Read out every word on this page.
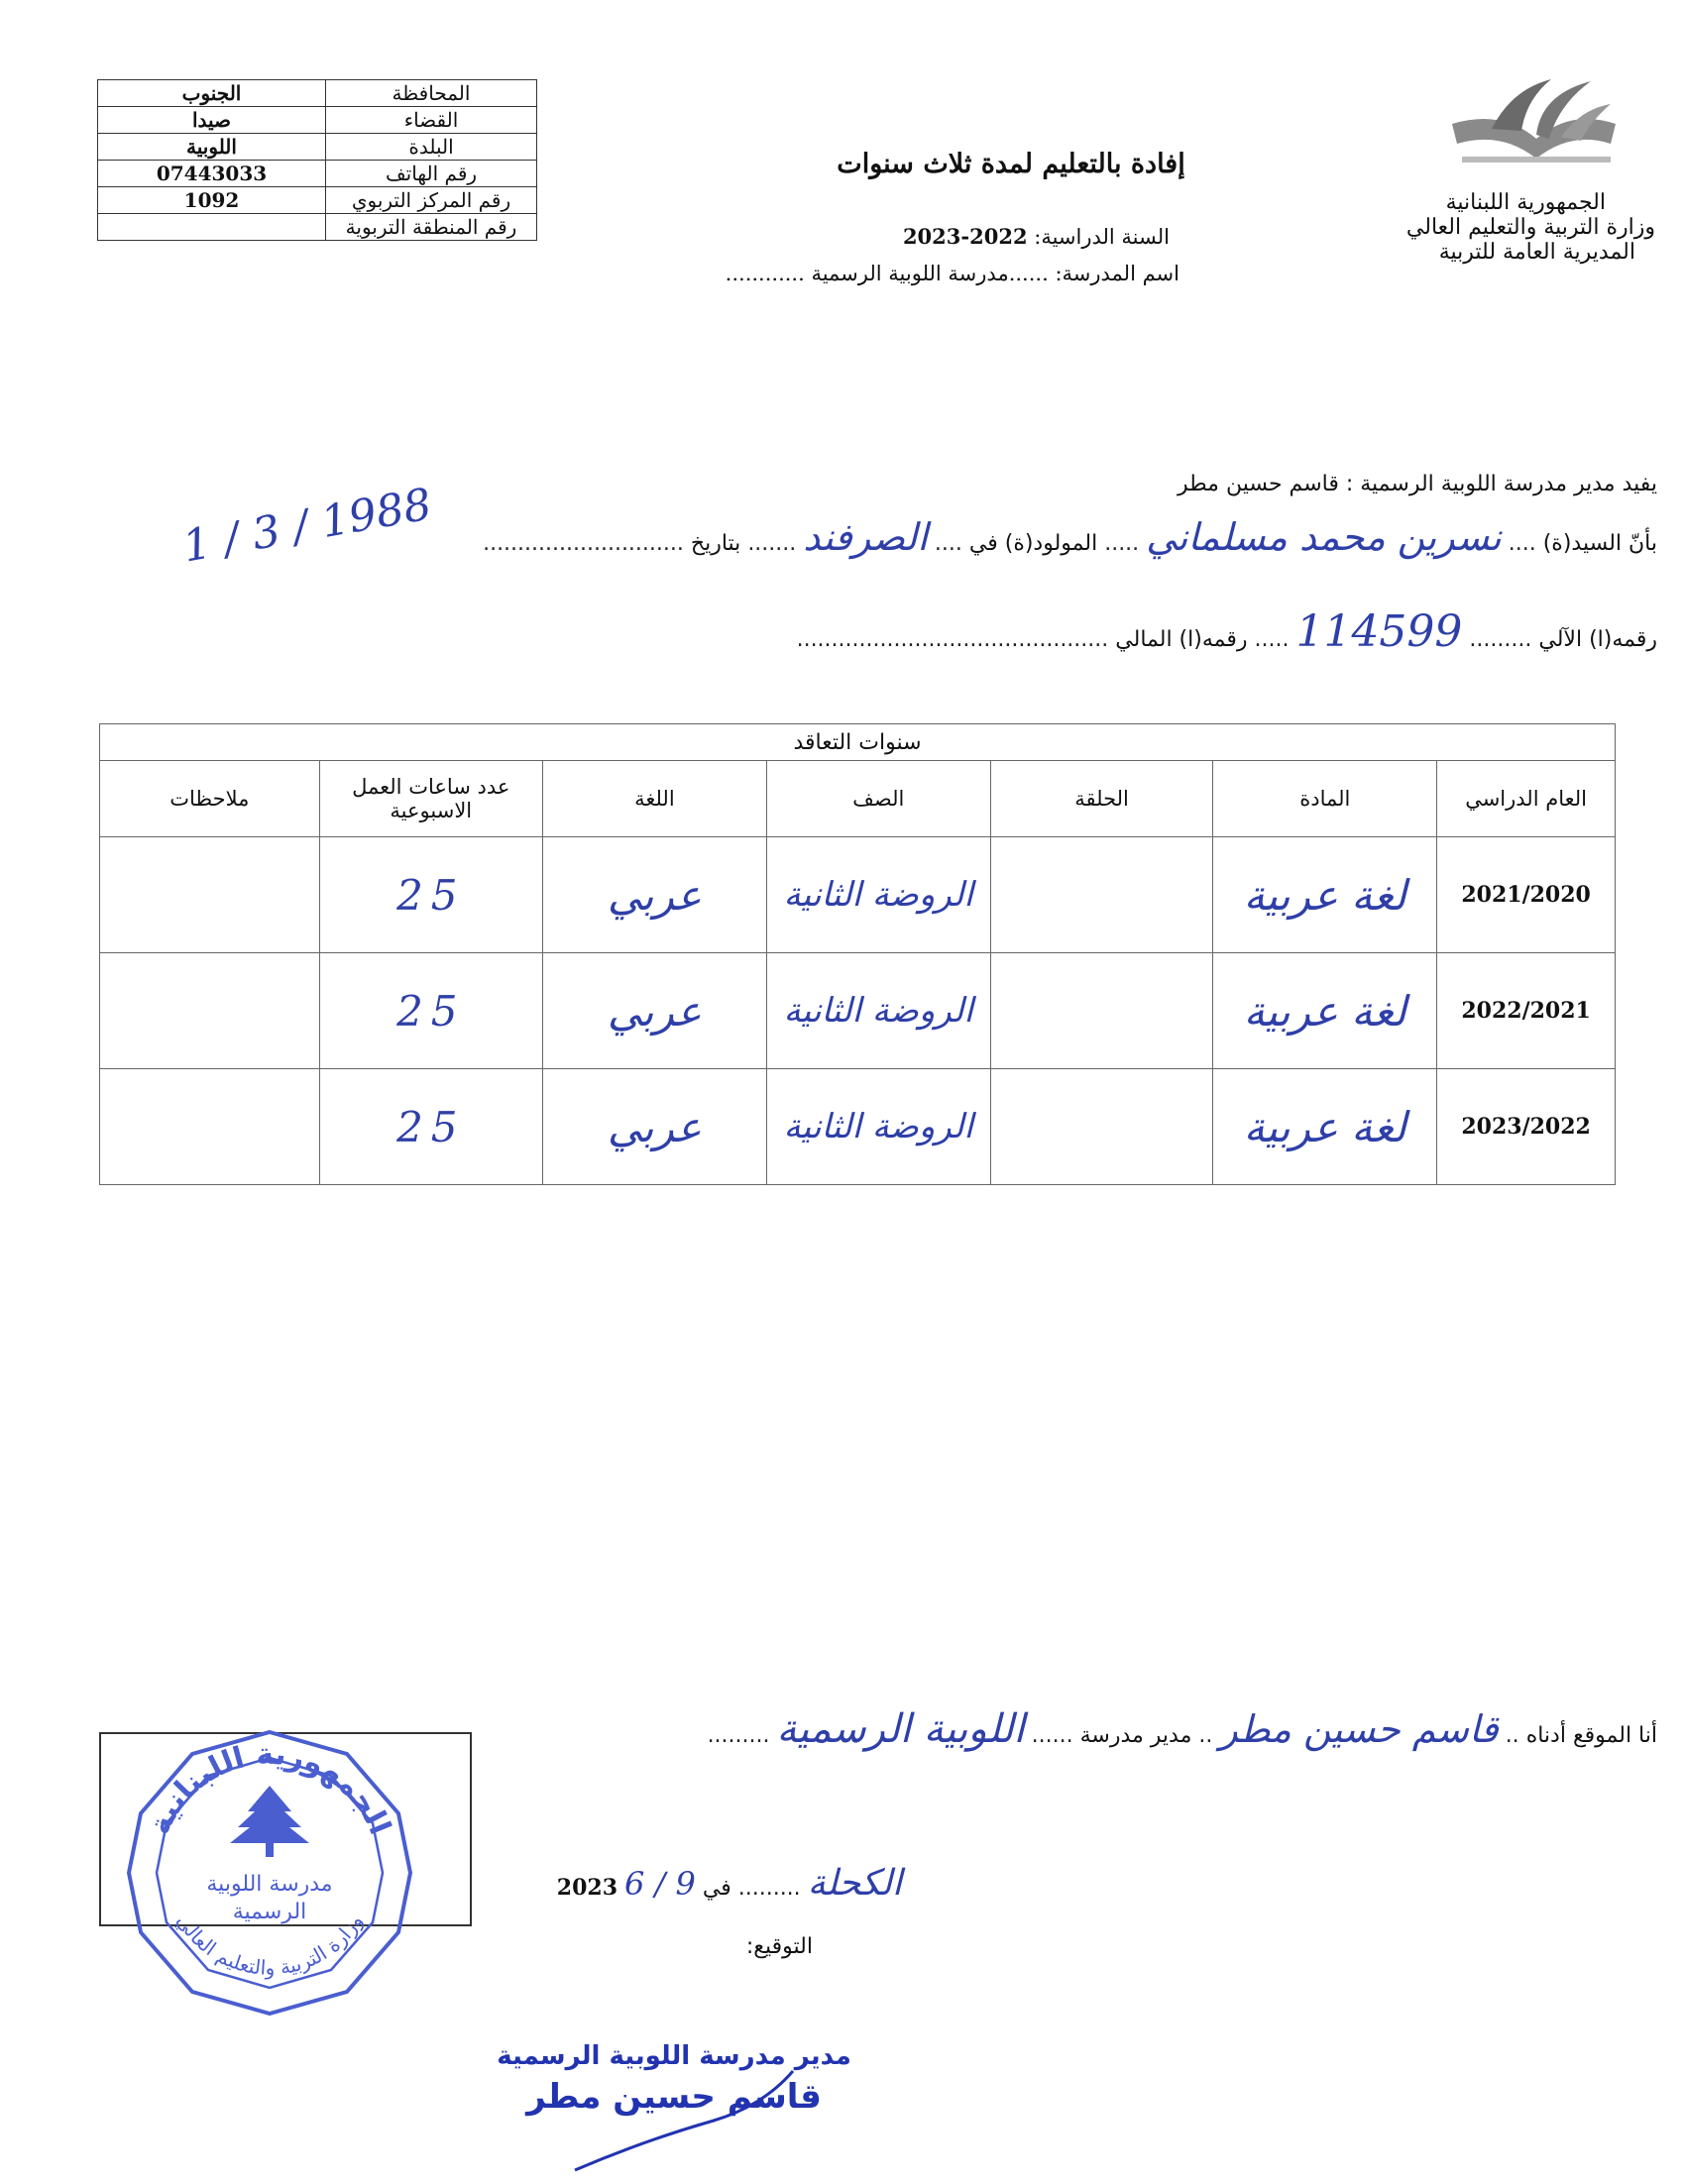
الجنوب	المحافظة
صيدا	القضاء
اللوبية	البلدة
07443033	رقم الهاتف
1092	رقم المركز التربوي
	رقم المنطقة التربوية
الجمهورية اللبنانية
وزارة التربية والتعليم العالي
المديرية العامة للتربية
إفادة بالتعليم لمدة ثلاث سنوات
السنة الدراسية: 2022-2023
اسم المدرسة: ......مدرسة اللوبية الرسمية ............
يفيد مدير مدرسة اللوبية الرسمية : قاسم حسين مطر
بأنّ السيد(ة) .... نسرين محمد مسلماني ..... المولود(ة) في .... الصرفند ....... بتاريخ .............................
1 / 3 / 1988
رقمه(ا) الآلي ......... 114599 ..... رقمه(ا) المالي .............................................
سنوات التعاقد						
العام الدراسي	المادة	الحلقة	الصف	اللغة	عدد ساعات العمل الاسبوعية	ملاحظات
2021/2020	لغة عربية		الروضة الثانية	عربي	25	
2022/2021	لغة عربية		الروضة الثانية	عربي	25	
2023/2022	لغة عربية		الروضة الثانية	عربي	25	
أنا الموقع أدناه .. قاسم حسين مطر .. مدير مدرسة ...... اللوبية الرسمية .........
الكحلة ......... في 9 / 6 2023
التوقيع:
الجمهورية اللبنانية
وزارة التربية والتعليم العالي
مدرسة اللوبية
الرسمية
مدير مدرسة اللوبية الرسمية
قاسم حسين مطر
